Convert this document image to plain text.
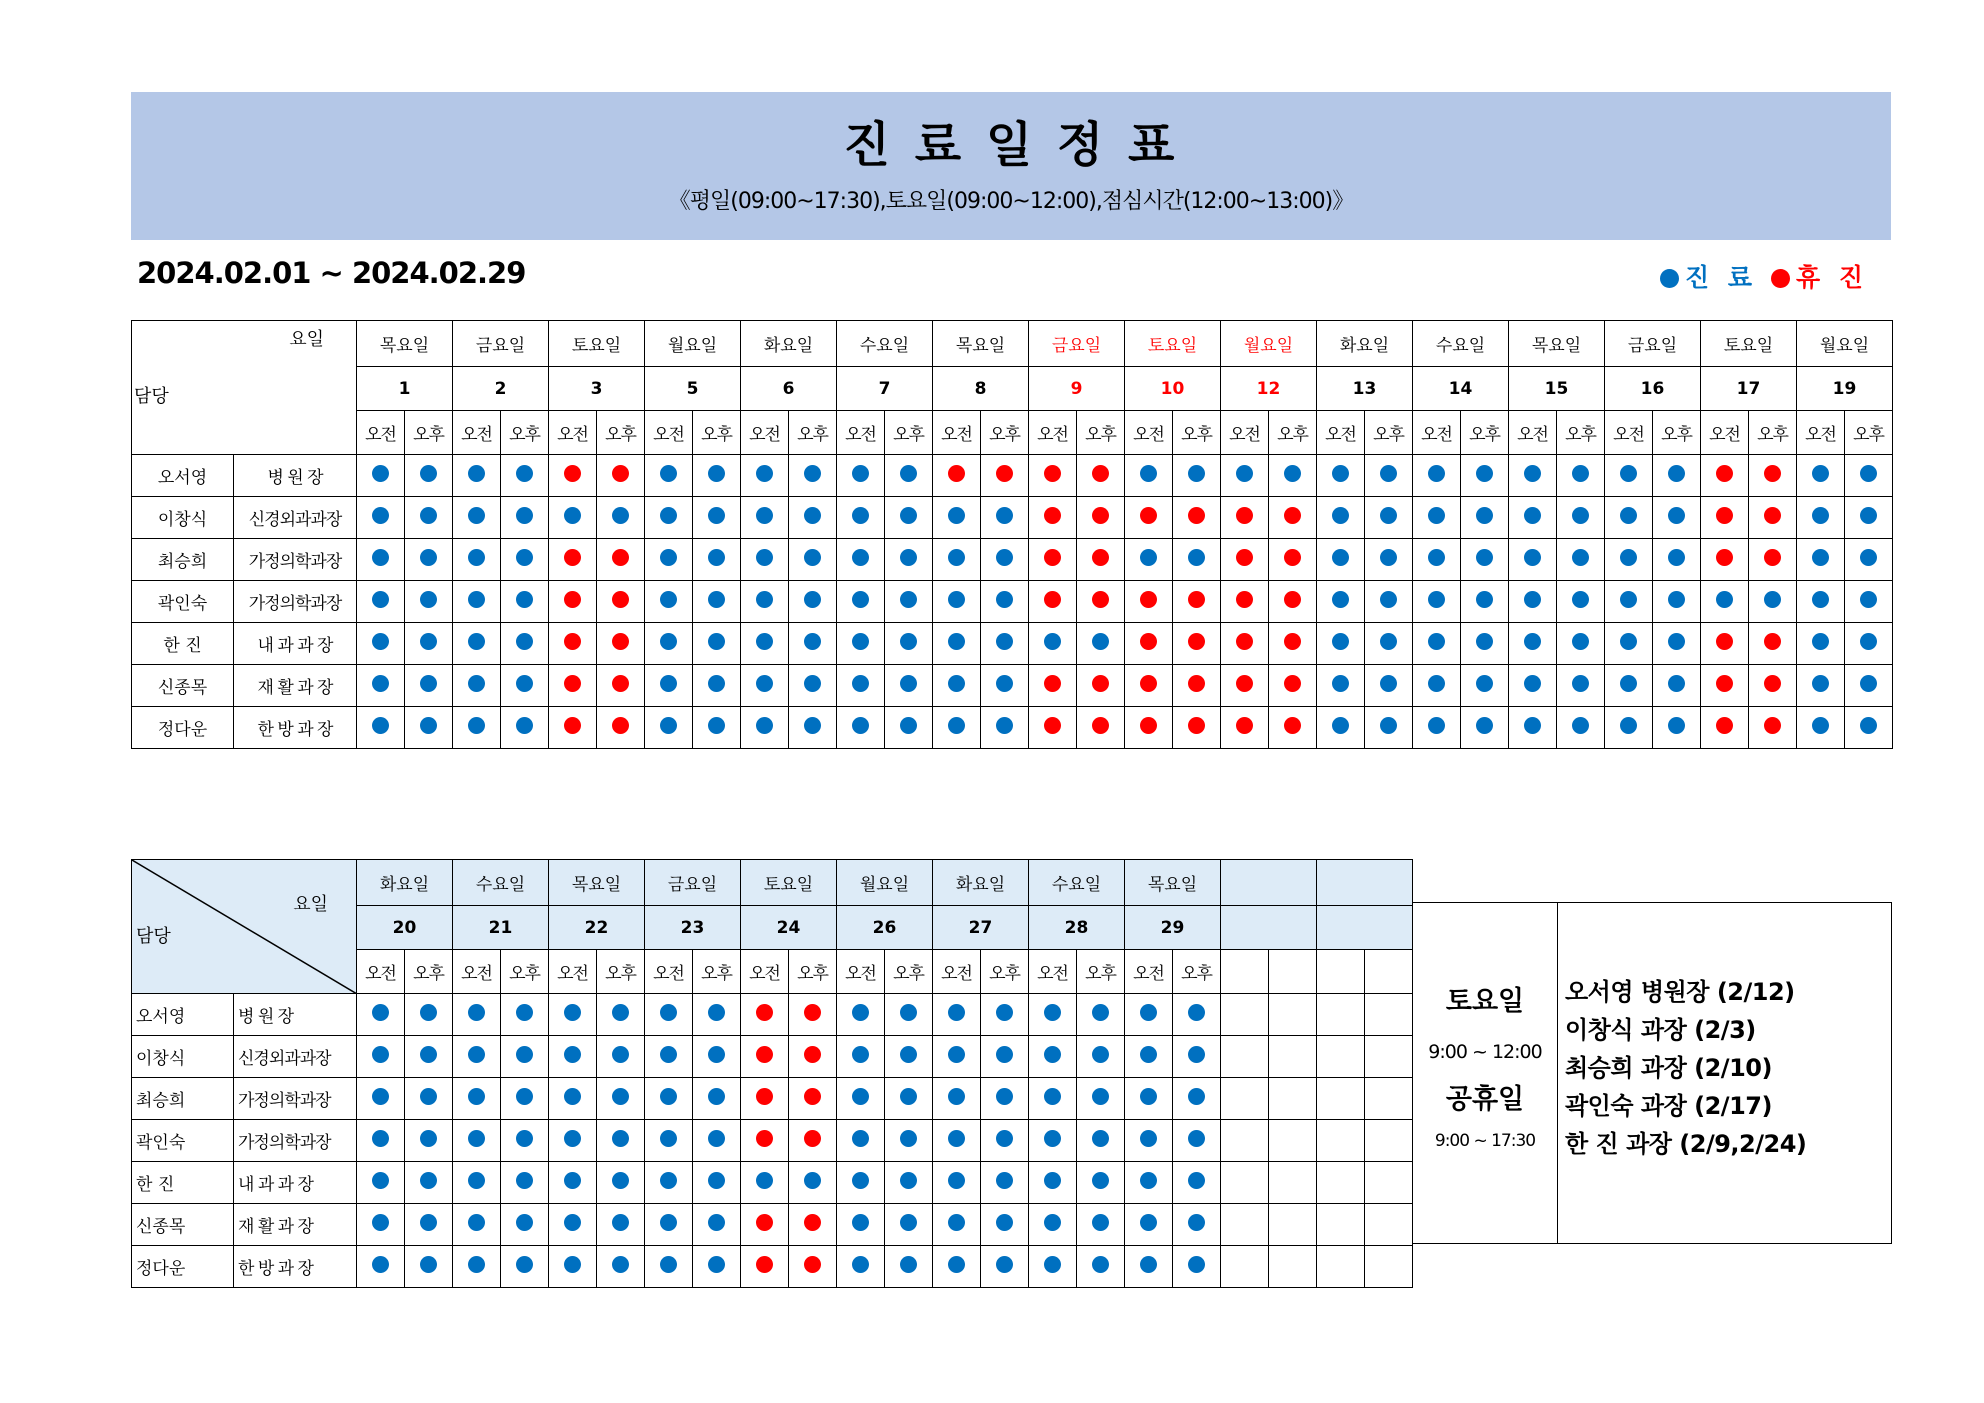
진 료 일 정 표
《평일(09:00~17:30),토요일(09:00~12:00),점심시간(12:00~13:00)》
2024.02.01 ~ 2024.02.29	진 료 휴 진
요일
담당		목요일		금요일		토요일		월요일		화요일		수요일		목요일		금요일		토요일		월요일		화요일		수요일		목요일		금요일		토요일		월요일	
		1		2		3		5		6		7		8		9		10		12		13		14		15		16		17		19	
		오전	오후	오전	오후	오전	오후	오전	오후	오전	오후	오전	오후	오전	오후	오전	오후	오전	오후	오전	오후	오전	오후	오전	오후	오전	오후	오전	오후	오전	오후	오전	오후
오서영	병 원 장																																
이창식	신경외과과장																																
최승희	가정의학과장																																
곽인숙	가정의학과장																																
한 진	내 과 과 장																																
신종목	재 활 과 장																																
정다운	한 방 과 장																																
요일
담당		화요일		수요일		목요일		금요일		토요일		월요일		화요일		수요일		목요일					
		20		21		22		23		24		26		27		28		29					
		오전	오후	오전	오후	오전	오후	오전	오후	오전	오후	오전	오후	오전	오후	오전	오후	오전	오후				
오서영	병 원 장																						
이창식	신경외과과장																						
최승희	가정의학과장																						
곽인숙	가정의학과장																						
한 진	내 과 과 장																						
신종목	재 활 과 장																						
정다운	한 방 과 장																						
토요일
9:00 ~ 12:00
공휴일
9:00 ~ 17:30
오서영 병원장 (2/12)
이창식 과장 (2/3)
최승희 과장 (2/10)
곽인숙 과장 (2/17)
한 진 과장 (2/9,2/24)
